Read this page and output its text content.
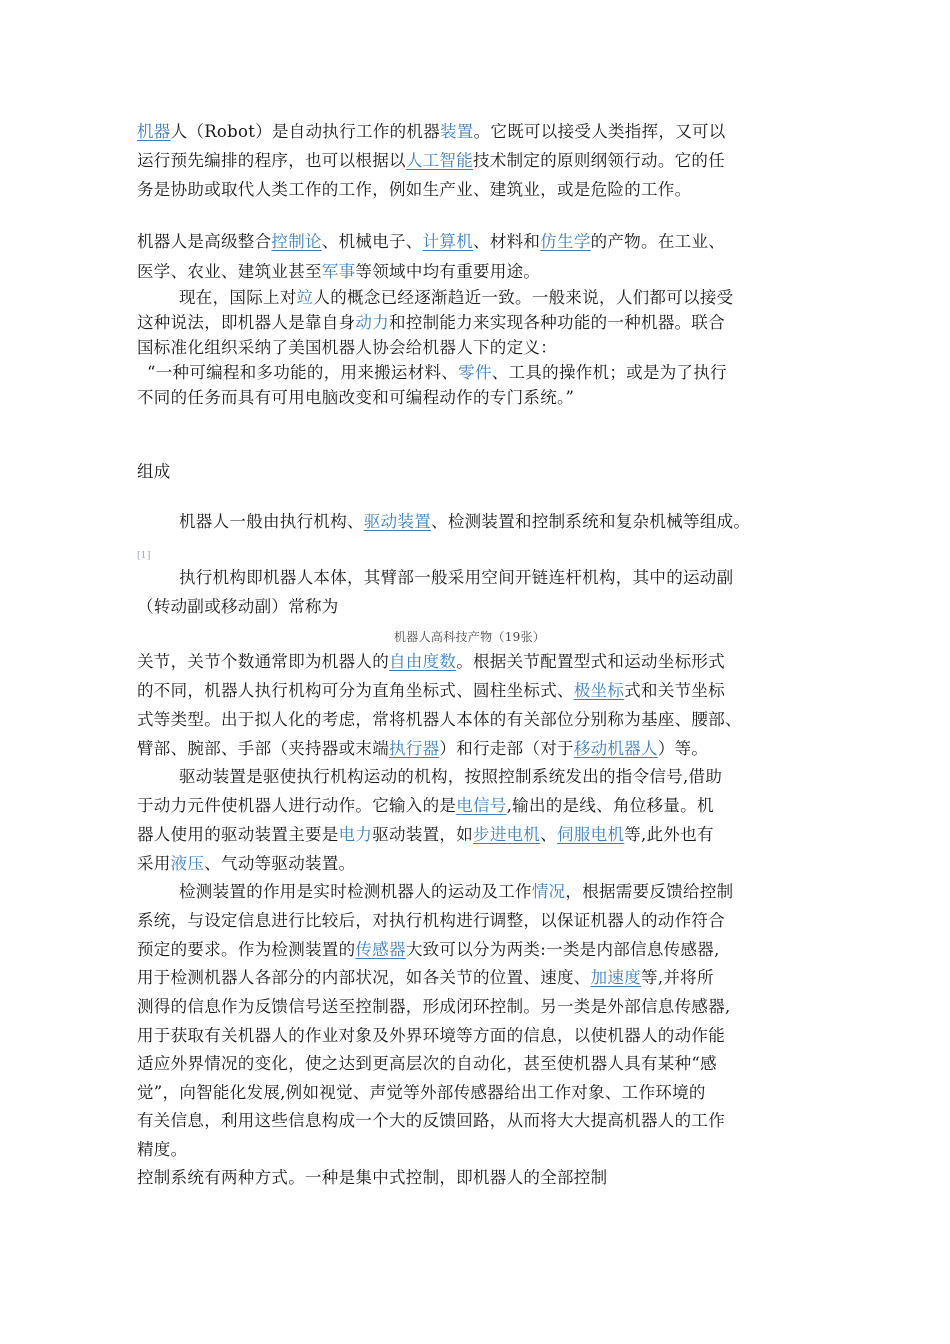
机器人（Robot）是自动执行工作的机器装置。它既可以接受人类指挥，又可以

运行预先编排的程序，也可以根据以人工智能技术制定的原则纲领行动。它的任

务是协助或取代人类工作的工作，例如生产业、建筑业，或是危险的工作。

机器人是高级整合控制论、机械电子、计算机、材料和仿生学的产物。在工业、

医学、农业、建筑业甚至军事等领域中均有重要用途。

现在，国际上对竝人的概念已经逐渐趋近一致。一般来说，人们都可以接受

这种说法，即机器人是靠自身动力和控制能力来实现各种功能的一种机器。联合

国标准化组织采纳了美国机器人协会给机器人下的定义：

“一种可编程和多功能的，用来搬运材料、零件、工具的操作机；或是为了执行

不同的任务而具有可用电脑改变和可编程动作的专门系统。”

组成

机器人一般由执行机构、驱动装置、检测装置和控制系统和复杂机械等组成。

[1]

执行机构即机器人本体，其臂部一般采用空间开链连杆机构，其中的运动副

（转动副或移动副）常称为

机器人高科技产物（19张）

关节，关节个数通常即为机器人的自由度数。根据关节配置型式和运动坐标形式

的不同，机器人执行机构可分为直角坐标式、圆柱坐标式、极坐标式和关节坐标

式等类型。出于拟人化的考虑，常将机器人本体的有关部位分别称为基座、腰部、

臂部、腕部、手部（夹持器或末端执行器）和行走部（对于移动机器人）等。

驱动装置是驱使执行机构运动的机构，按照控制系统发出的指令信号,借助

于动力元件使机器人进行动作。它输入的是电信号,输出的是线、角位移量。机

器人使用的驱动装置主要是电力驱动装置，如步进电机、伺服电机等,此外也有

采用液压、气动等驱动装置。

检测装置的作用是实时检测机器人的运动及工作情况，根据需要反馈给控制

系统，与设定信息进行比较后，对执行机构进行调整，以保证机器人的动作符合

预定的要求。作为检测装置的传感器大致可以分为两类:一类是内部信息传感器,

用于检测机器人各部分的内部状况，如各关节的位置、速度、加速度等,并将所

测得的信息作为反馈信号送至控制器，形成闭环控制。另一类是外部信息传感器,

用于获取有关机器人的作业对象及外界环境等方面的信息，以使机器人的动作能

适应外界情况的变化，使之达到更高层次的自动化，甚至使机器人具有某种“感

觉”，向智能化发展,例如视觉、声觉等外部传感器给出工作对象、工作环境的

有关信息，利用这些信息构成一个大的反馈回路，从而将大大提高机器人的工作

精度。

控制系统有两种方式。一种是集中式控制，即机器人的全部控制
